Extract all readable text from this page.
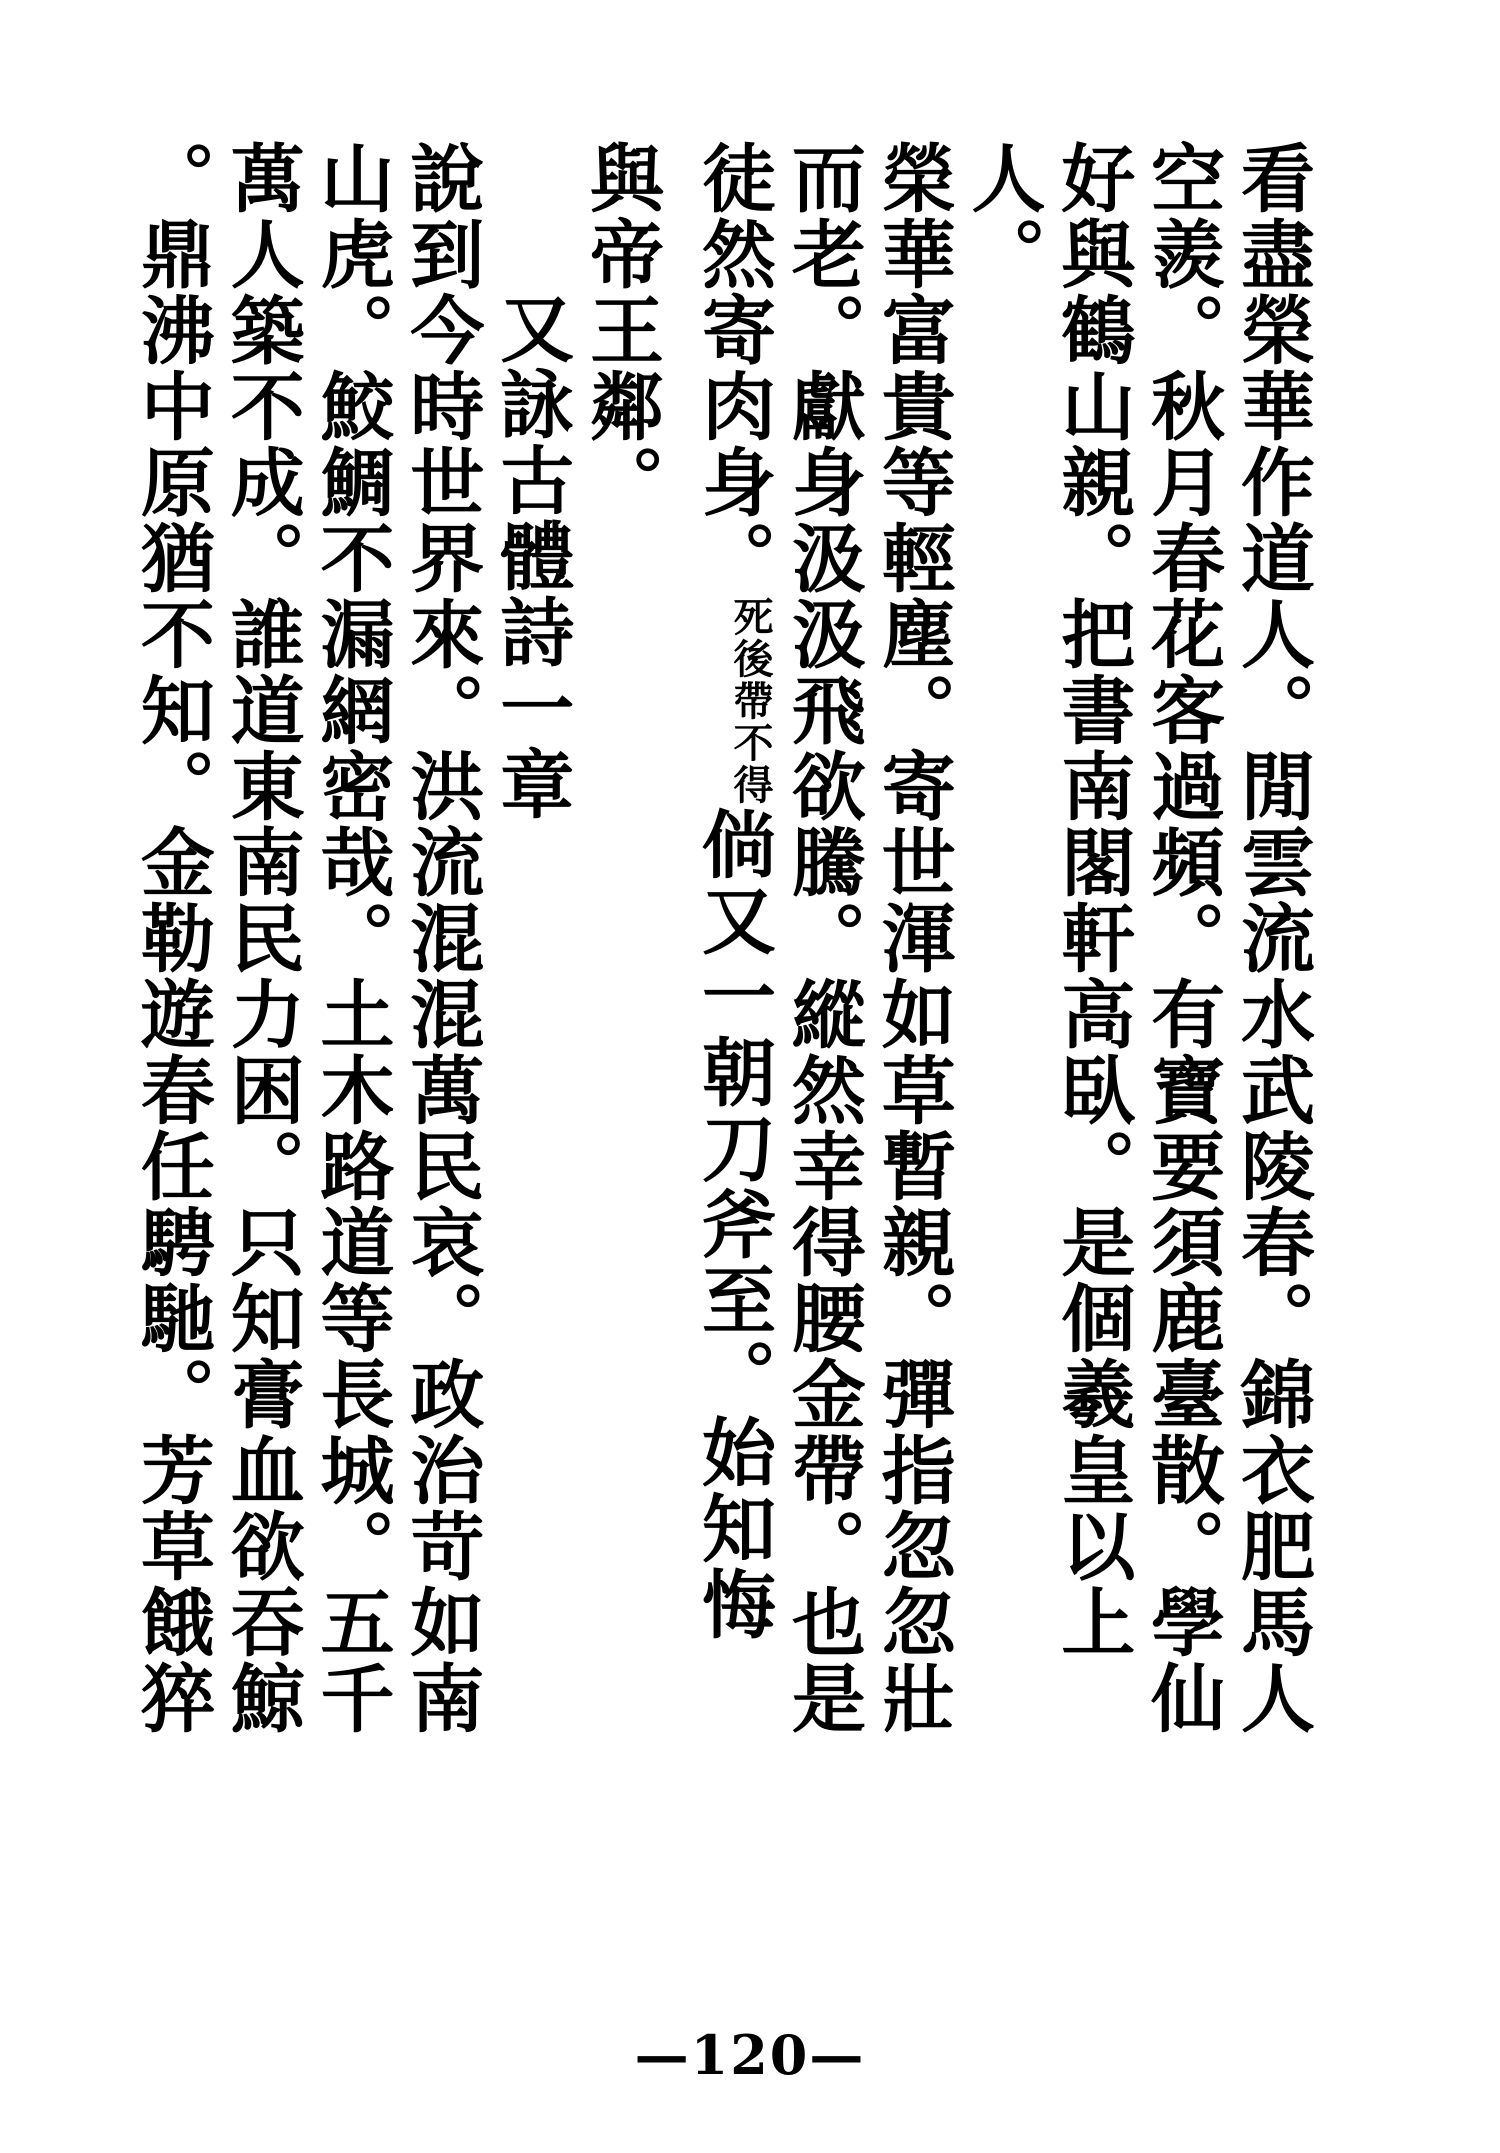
看盡榮華作道人。閒雲流水武陵春。錦衣肥馬人
空羨。秋月春花客過頻。有寶要須鹿臺散。學仙
好與鶴山親。把書南閣軒高臥。是個羲皇以上
人。
榮華富貴等輕塵。寄世渾如草暫親。彈指忽忽壯
而老。獻身汲汲飛欲騰。縱然幸得腰金帶。也是
徒然寄肉身。
死後帶不得
倘又一朝刀斧至。始知悔
與帝王鄰。
又詠古體詩一章
說到今時世界來。洪流混混萬民哀。政治苛如南
山虎。鮫鯛不漏網密哉。土木路道等長城。五千
萬人築不成。誰道東南民力困。只知膏血欲吞鯨
。鼎沸中原猶不知。金勒遊春任騁馳。芳草餓猝
—120—
